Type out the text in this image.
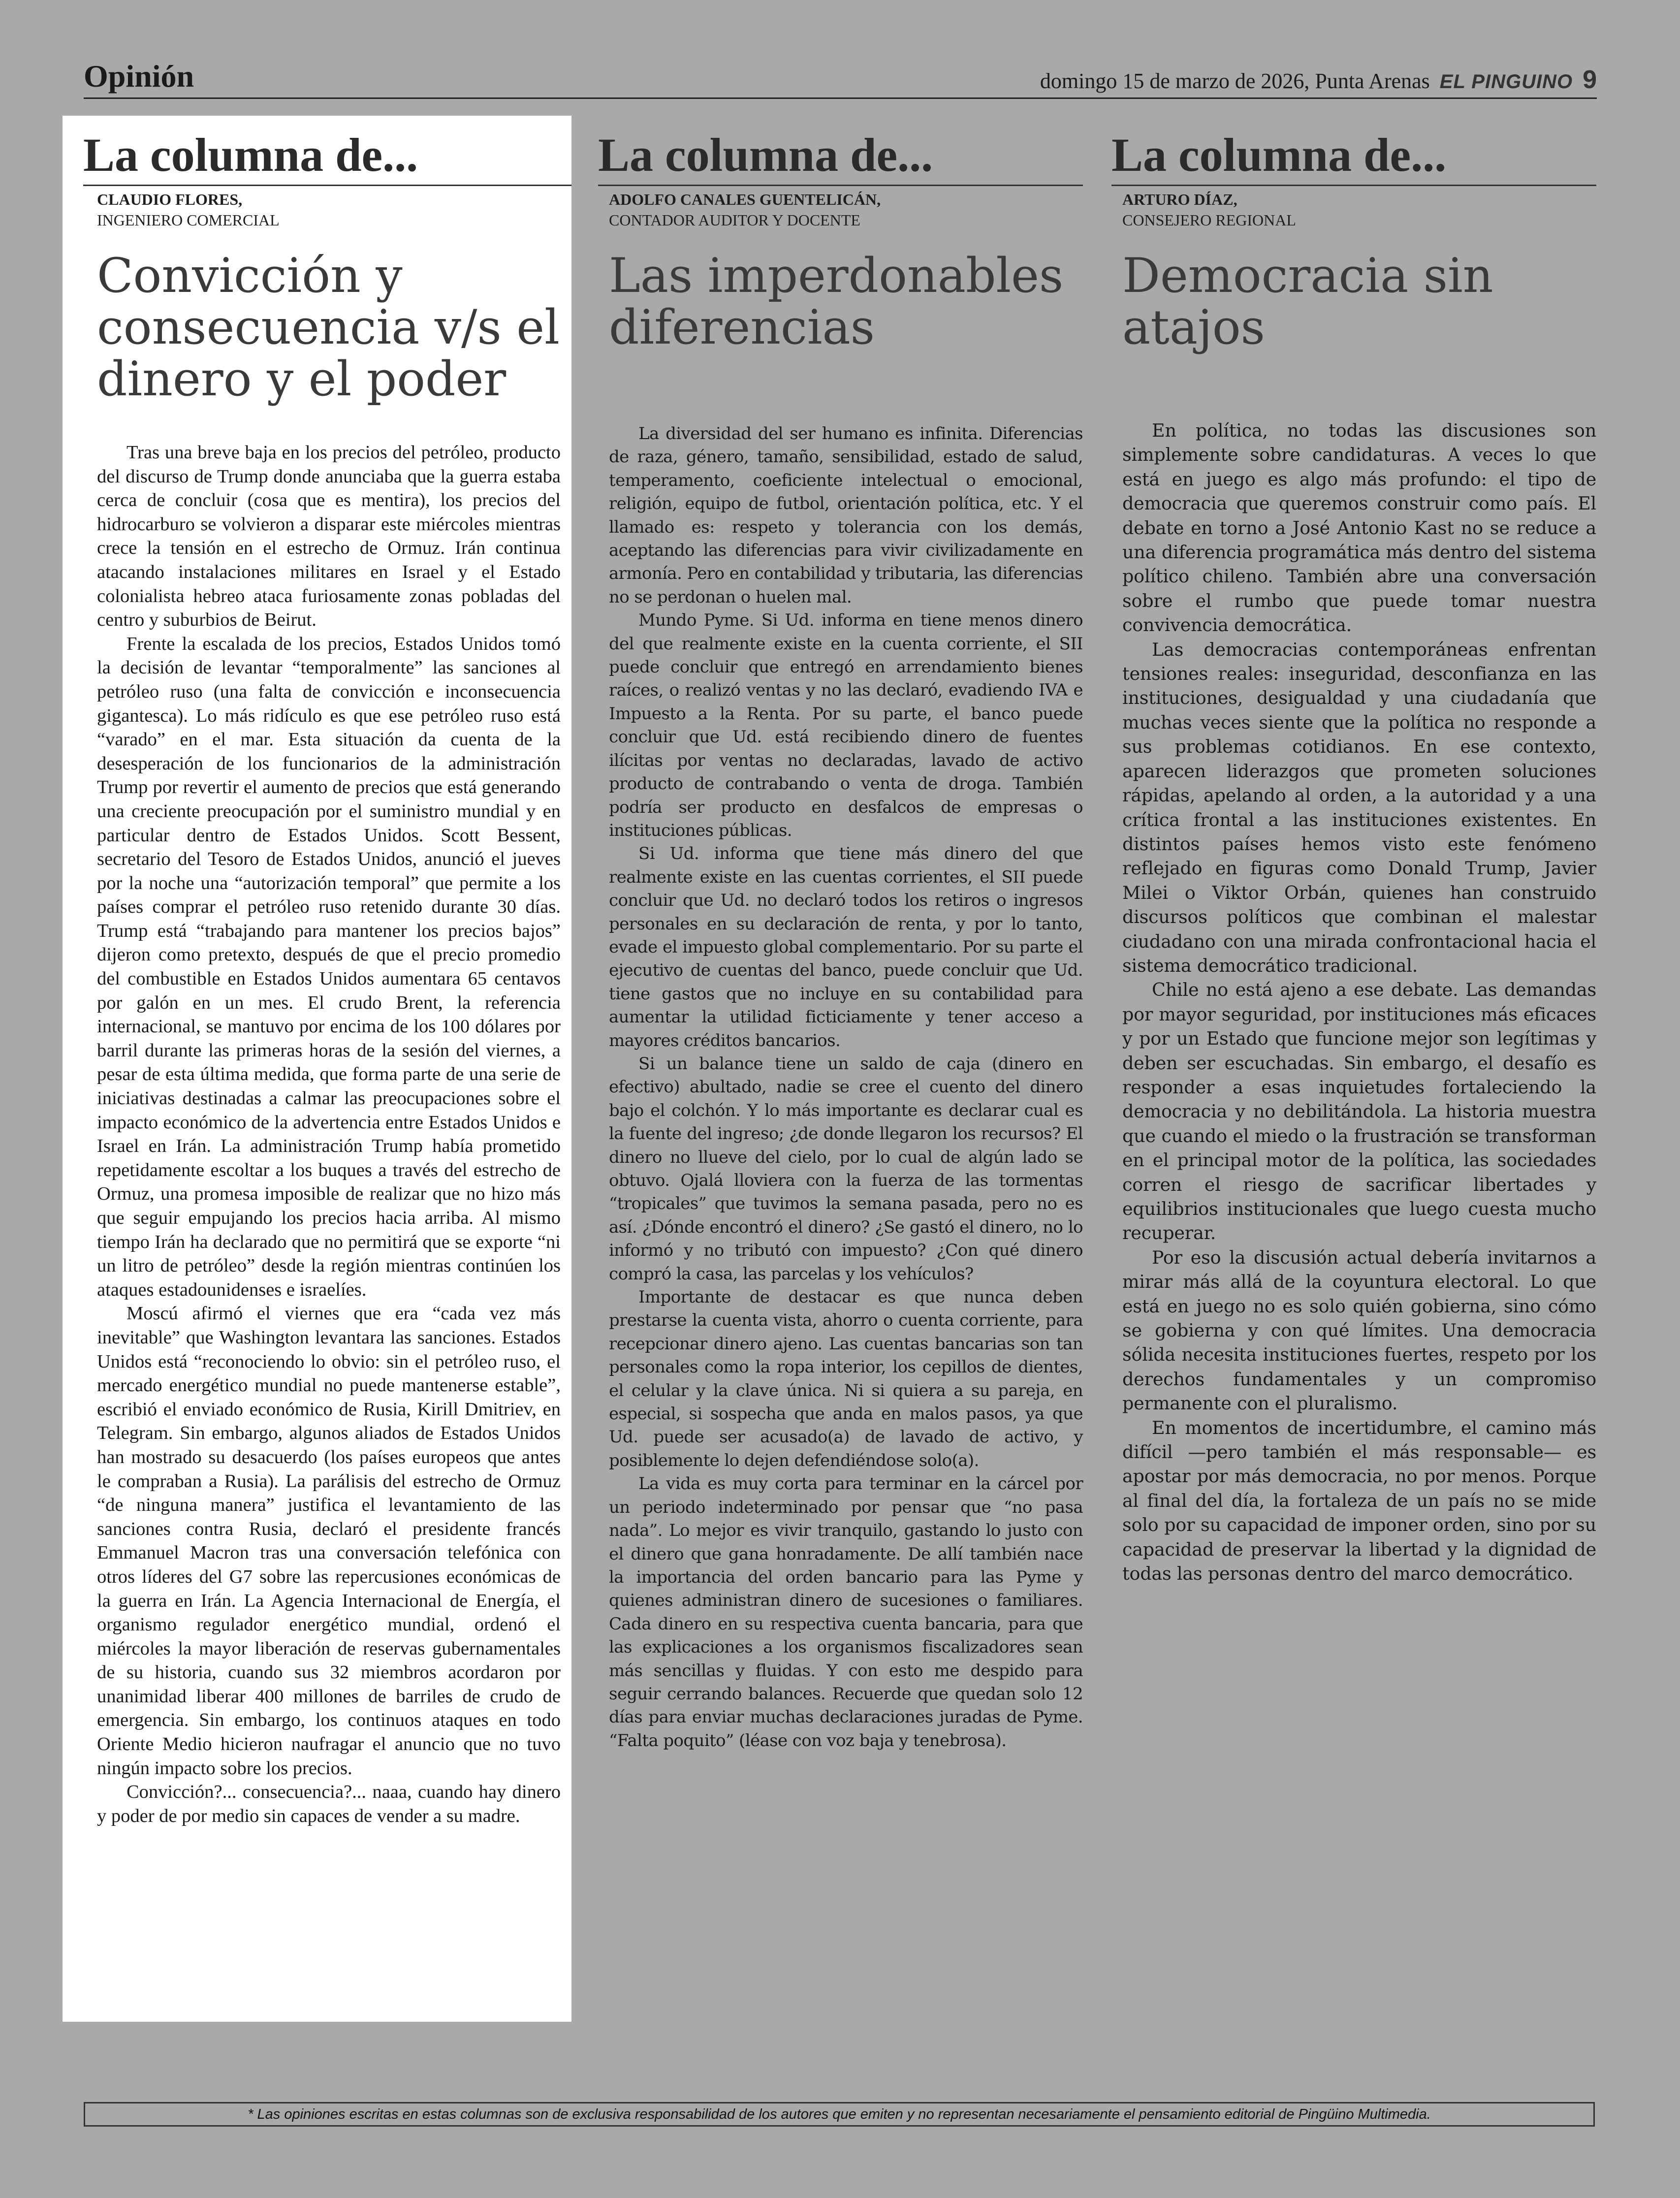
Opinión	domingo 15 de marzo de 2026, Punta Arenas EL PINGUINO 9
La columna de...
CLAUDIO FLORES,
INGENIERO COMERCIAL
Convicción y consecuencia v/s el dinero y el poder

Tras una breve baja en los precios del petróleo, producto del discurso de Trump donde anunciaba que la guerra estaba cerca de concluir (cosa que es mentira), los precios del hidrocarburo se volvieron a disparar este miércoles mientras crece la tensión en el estrecho de Ormuz. Irán continua atacando instalaciones militares en Israel y el Estado colonialista hebreo ataca furiosamente zonas pobladas del centro y suburbios de Beirut.

Frente la escalada de los precios, Estados Unidos tomó la decisión de levantar “temporalmente” las sanciones al petróleo ruso (una falta de convicción e inconsecuencia gigantesca). Lo más ridículo es que ese petróleo ruso está “varado” en el mar. Esta situación da cuenta de la desesperación de los funcionarios de la administración Trump por revertir el aumento de precios que está generando una creciente preocupación por el suministro mundial y en particular dentro de Estados Unidos. Scott Bessent, secretario del Tesoro de Estados Unidos, anunció el jueves por la noche una “autorización temporal” que permite a los países comprar el petróleo ruso retenido durante 30 días. Trump está “trabajando para mantener los precios bajos” dijeron como pretexto, después de que el precio promedio del combustible en Estados Unidos aumentara 65 centavos por galón en un mes. El crudo Brent, la referencia internacional, se mantuvo por encima de los 100 dólares por barril durante las primeras horas de la sesión del viernes, a pesar de esta última medida, que forma parte de una serie de iniciativas destinadas a calmar las preocupaciones sobre el impacto económico de la advertencia entre Estados Unidos e Israel en Irán. La administración Trump había prometido repetidamente escoltar a los buques a través del estrecho de Ormuz, una promesa imposible de realizar que no hizo más que seguir empujando los precios hacia arriba. Al mismo tiempo Irán ha declarado que no permitirá que se exporte “ni un litro de petróleo” desde la región mientras continúen los ataques estadounidenses e israelíes.

Moscú afirmó el viernes que era “cada vez más inevitable” que Washington levantara las sanciones. Estados Unidos está “reconociendo lo obvio: sin el petróleo ruso, el mercado energético mundial no puede mantenerse estable”, escribió el enviado económico de Rusia, Kirill Dmitriev, en Telegram. Sin embargo, algunos aliados de Estados Unidos han mostrado su desacuerdo (los países europeos que antes le compraban a Rusia). La parálisis del estrecho de Ormuz “de ninguna manera” justifica el levantamiento de las sanciones contra Rusia, declaró el presidente francés Emmanuel Macron tras una conversación telefónica con otros líderes del G7 sobre las repercusiones económicas de la guerra en Irán. La Agencia Internacional de Energía, el organismo regulador energético mundial, ordenó el miércoles la mayor liberación de reservas gubernamentales de su historia, cuando sus 32 miembros acordaron por unanimidad liberar 400 millones de barriles de crudo de emergencia. Sin embargo, los continuos ataques en todo Oriente Medio hicieron naufragar el anuncio que no tuvo ningún impacto sobre los precios.

Convicción?... consecuencia?... naaa, cuando hay dinero y poder de por medio sin capaces de vender a su madre.

La columna de...
ADOLFO CANALES GUENTELICÁN,
CONTADOR AUDITOR Y DOCENTE
Las imperdonables diferencias

La diversidad del ser humano es infinita. Diferencias de raza, género, tamaño, sensibilidad, estado de salud, temperamento, coeficiente intelectual o emocional, religión, equipo de futbol, orientación política, etc. Y el llamado es: respeto y tolerancia con los demás, aceptando las diferencias para vivir civilizadamente en armonía. Pero en contabilidad y tributaria, las diferencias no se perdonan o huelen mal.

Mundo Pyme. Si Ud. informa en tiene menos dinero del que realmente existe en la cuenta corriente, el SII puede concluir que entregó en arrendamiento bienes raíces, o realizó ventas y no las declaró, evadiendo IVA e Impuesto a la Renta. Por su parte, el banco puede concluir que Ud. está recibiendo dinero de fuentes ilícitas por ventas no declaradas, lavado de activo producto de contrabando o venta de droga. También podría ser producto en desfalcos de empresas o instituciones públicas.

Si Ud. informa que tiene más dinero del que realmente existe en las cuentas corrientes, el SII puede concluir que Ud. no declaró todos los retiros o ingresos personales en su declaración de renta, y por lo tanto, evade el impuesto global complementario. Por su parte el ejecutivo de cuentas del banco, puede concluir que Ud. tiene gastos que no incluye en su contabilidad para aumentar la utilidad ficticiamente y tener acceso a mayores créditos bancarios.

Si un balance tiene un saldo de caja (dinero en efectivo) abultado, nadie se cree el cuento del dinero bajo el colchón. Y lo más importante es declarar cual es la fuente del ingreso; ¿de donde llegaron los recursos? El dinero no llueve del cielo, por lo cual de algún lado se obtuvo. Ojalá lloviera con la fuerza de las tormentas “tropicales” que tuvimos la semana pasada, pero no es así. ¿Dónde encontró el dinero? ¿Se gastó el dinero, no lo informó y no tributó con impuesto? ¿Con qué dinero compró la casa, las parcelas y los vehículos?

Importante de destacar es que nunca deben prestarse la cuenta vista, ahorro o cuenta corriente, para recepcionar dinero ajeno. Las cuentas bancarias son tan personales como la ropa interior, los cepillos de dientes, el celular y la clave única. Ni si quiera a su pareja, en especial, si sospecha que anda en malos pasos, ya que Ud. puede ser acusado(a) de lavado de activo, y posiblemente lo dejen defendiéndose solo(a).

La vida es muy corta para terminar en la cárcel por un periodo indeterminado por pensar que “no pasa nada”. Lo mejor es vivir tranquilo, gastando lo justo con el dinero que gana honradamente. De allí también nace la importancia del orden bancario para las Pyme y quienes administran dinero de sucesiones o familiares. Cada dinero en su respectiva cuenta bancaria, para que las explicaciones a los organismos fiscalizadores sean más sencillas y fluidas. Y con esto me despido para seguir cerrando balances. Recuerde que quedan solo 12 días para enviar muchas declaraciones juradas de Pyme. “Falta poquito” (léase con voz baja y tenebrosa).

La columna de...
ARTURO DÍAZ,
CONSEJERO REGIONAL
Democracia sin atajos

En política, no todas las discusiones son simplemente sobre candidaturas. A veces lo que está en juego es algo más profundo: el tipo de democracia que queremos construir como país. El debate en torno a José Antonio Kast no se reduce a una diferencia programática más dentro del sistema político chileno. También abre una conversación sobre el rumbo que puede tomar nuestra convivencia democrática.

Las democracias contemporáneas enfrentan tensiones reales: inseguridad, desconfianza en las instituciones, desigualdad y una ciudadanía que muchas veces siente que la política no responde a sus problemas cotidianos. En ese contexto, aparecen liderazgos que prometen soluciones rápidas, apelando al orden, a la autoridad y a una crítica frontal a las instituciones existentes. En distintos países hemos visto este fenómeno reflejado en figuras como Donald Trump, Javier Milei o Viktor Orbán, quienes han construido discursos políticos que combinan el malestar ciudadano con una mirada confrontacional hacia el sistema democrático tradicional.

Chile no está ajeno a ese debate. Las demandas por mayor seguridad, por instituciones más eficaces y por un Estado que funcione mejor son legítimas y deben ser escuchadas. Sin embargo, el desafío es responder a esas inquietudes fortaleciendo la democracia y no debilitándola. La historia muestra que cuando el miedo o la frustración se transforman en el principal motor de la política, las sociedades corren el riesgo de sacrificar libertades y equilibrios institucionales que luego cuesta mucho recuperar.

Por eso la discusión actual debería invitarnos a mirar más allá de la coyuntura electoral. Lo que está en juego no es solo quién gobierna, sino cómo se gobierna y con qué límites. Una democracia sólida necesita instituciones fuertes, respeto por los derechos fundamentales y un compromiso permanente con el pluralismo.

En momentos de incertidumbre, el camino más difícil —pero también el más responsable— es apostar por más democracia, no por menos. Porque al final del día, la fortaleza de un país no se mide solo por su capacidad de imponer orden, sino por su capacidad de preservar la libertad y la dignidad de todas las personas dentro del marco democrático.

* Las opiniones escritas en estas columnas son de exclusiva responsabilidad de los autores que emiten y no representan necesariamente el pensamiento editorial de Pingüino Multimedia.
